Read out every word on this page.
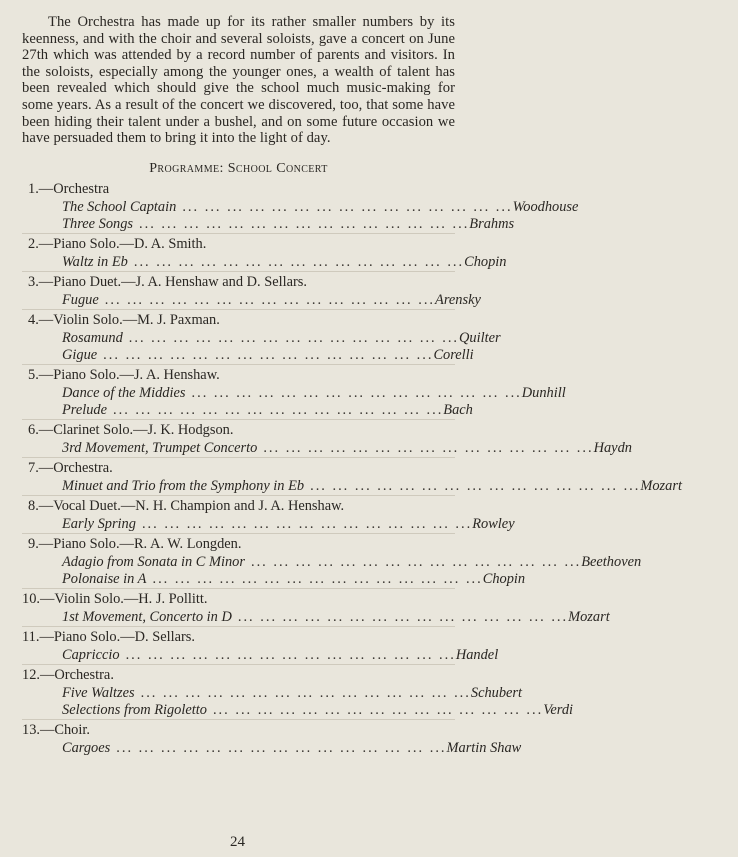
The Orchestra has made up for its rather smaller numbers by its keenness, and with the choir and several soloists, gave a concert on June 27th which was attended by a record number of parents and visitors. In the soloists, especially among the younger ones, a wealth of talent has been revealed which should give the school much music-making for some years. As a result of the concert we discovered, too, that some have been hiding their talent under a bushel, and on some future occasion we have persuaded them to bring it into the light of day.

Programme: School Concert
1.—Orchestra
The School Captain ... ... ... ... ... ... ... ... ... ... ... ... ... ... ... Woodhouse
Three Songs ... ... ... ... ... ... ... ... ... ... ... ... ... ... ... Brahms
2.—Piano Solo.—D. A. Smith.
Waltz in Eb ... ... ... ... ... ... ... ... ... ... ... ... ... ... ... Chopin
3.—Piano Duet.—J. A. Henshaw and D. Sellars.
Fugue ... ... ... ... ... ... ... ... ... ... ... ... ... ... ... Arensky
4.—Violin Solo.—M. J. Paxman.
Rosamund ... ... ... ... ... ... ... ... ... ... ... ... ... ... ... Quilter
Gigue ... ... ... ... ... ... ... ... ... ... ... ... ... ... ... Corelli
5.—Piano Solo.—J. A. Henshaw.
Dance of the Middies ... ... ... ... ... ... ... ... ... ... ... ... ... ... ... Dunhill
Prelude ... ... ... ... ... ... ... ... ... ... ... ... ... ... ... Bach
6.—Clarinet Solo.—J. K. Hodgson.
3rd Movement, Trumpet Concerto ... ... ... ... ... ... ... ... ... ... ... ... ... ... ... Haydn
7.—Orchestra.
Minuet and Trio from the Symphony in Eb ... ... ... ... ... ... ... ... ... ... ... ... ... ... ... Mozart
8.—Vocal Duet.—N. H. Champion and J. A. Henshaw.
Early Spring ... ... ... ... ... ... ... ... ... ... ... ... ... ... ... Rowley
9.—Piano Solo.—R. A. W. Longden.
Adagio from Sonata in C Minor ... ... ... ... ... ... ... ... ... ... ... ... ... ... ... Beethoven
Polonaise in A ... ... ... ... ... ... ... ... ... ... ... ... ... ... ... Chopin
10.—Violin Solo.—H. J. Pollitt.
1st Movement, Concerto in D ... ... ... ... ... ... ... ... ... ... ... ... ... ... ... Mozart
11.—Piano Solo.—D. Sellars.
Capriccio ... ... ... ... ... ... ... ... ... ... ... ... ... ... ... Handel
12.—Orchestra.
Five Waltzes ... ... ... ... ... ... ... ... ... ... ... ... ... ... ... Schubert
Selections from Rigoletto ... ... ... ... ... ... ... ... ... ... ... ... ... ... ... Verdi
13.—Choir.
Cargoes ... ... ... ... ... ... ... ... ... ... ... ... ... ... ... Martin Shaw
24
